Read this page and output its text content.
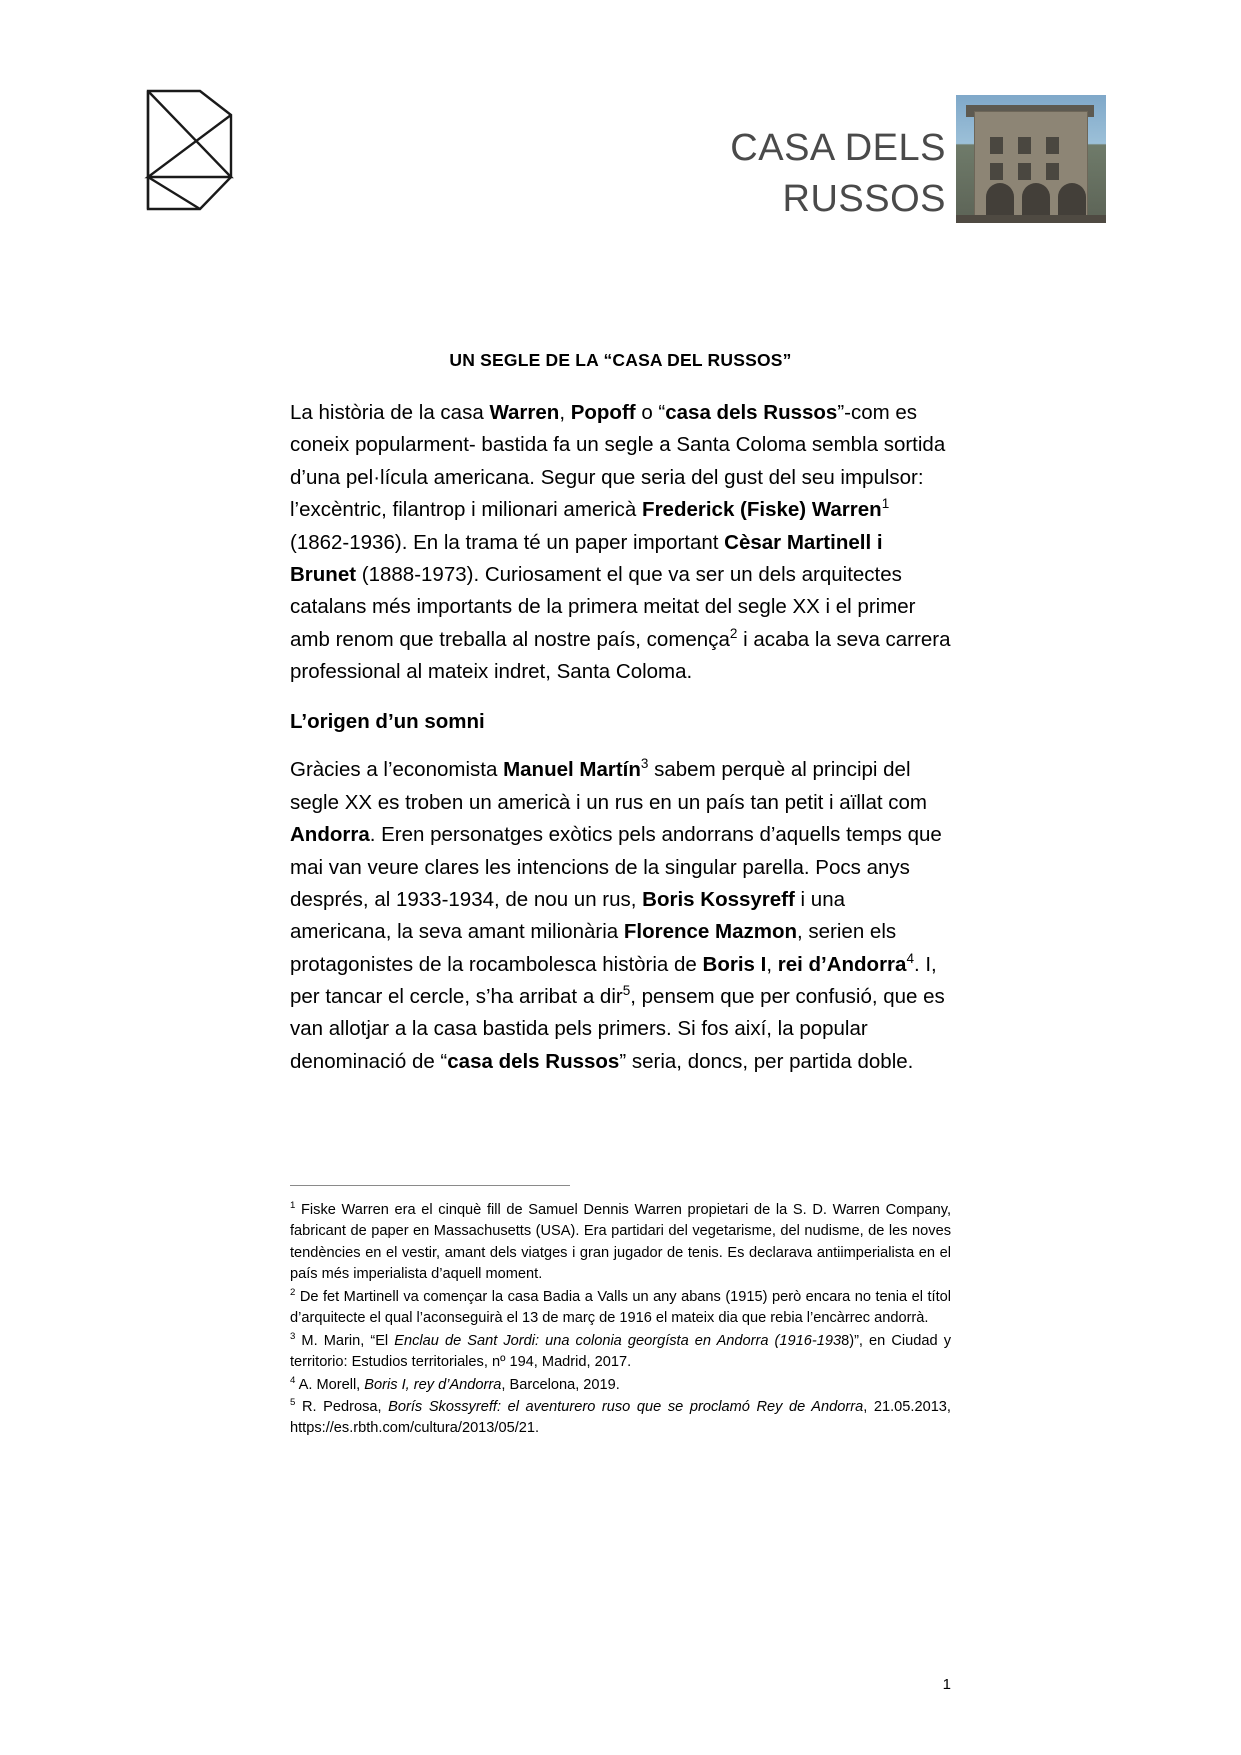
CASA DELS
RUSSOS
UN SEGLE DE LA “CASA DEL RUSSOS”

La història de la casa Warren, Popoff o “casa dels Russos”-com es coneix popularment- bastida fa un segle a Santa Coloma sembla sortida d’una pel·lícula americana. Segur que seria del gust del seu impulsor: l’excèntric, filantrop i milionari americà Frederick (Fiske) Warren$^1$ (1862-1936). En la trama té un paper important Cèsar Martinell i Brunet (1888-1973). Curiosament el que va ser un dels arquitectes catalans més importants de la primera meitat del segle XX i el primer amb renom que treballa al nostre país, comença$^2$ i acaba la seva carrera professional al mateix indret, Santa Coloma.

L’origen d’un somni

Gràcies a l’economista Manuel Martín$^3$ sabem perquè al principi del segle XX es troben un americà i un rus en un país tan petit i aïllat com Andorra. Eren personatges exòtics pels andorrans d’aquells temps que mai van veure clares les intencions de la singular parella. Pocs anys després, al 1933-1934, de nou un rus, Boris Kossyreff i una americana, la seva amant milionària Florence Mazmon, serien els protagonistes de la rocambolesca història de Boris I, rei d’Andorra$^4$. I, per tancar el cercle, s’ha arribat a dir$^5$, pensem que per confusió, que es van allotjar a la casa bastida pels primers. Si fos així, la popular denominació de “casa dels Russos” seria, doncs, per partida doble.

$^1$ Fiske Warren era el cinquè fill de Samuel Dennis Warren propietari de la S. D. Warren Company, fabricant de paper en Massachusetts (USA). Era partidari del vegetarisme, del nudisme, de les noves tendències en el vestir, amant dels viatges i gran jugador de tenis. Es declarava antiimperialista en el país més imperialista d’aquell moment.

$^2$ De fet Martinell va començar la casa Badia a Valls un any abans (1915) però encara no tenia el títol d’arquitecte el qual l’aconseguirà el 13 de març de 1916 el mateix dia que rebia l’encàrrec andorrà.

$^3$ M. Marin, “El Enclau de Sant Jordi: una colonia georgísta en Andorra (1916-1938)”, en Ciudad y territorio: Estudios territoriales, nº 194, Madrid, 2017.

$^4$ A. Morell, Boris I, rey d’Andorra, Barcelona, 2019.

$^5$ R. Pedrosa, Borís Skossyreff: el aventurero ruso que se proclamó Rey de Andorra, 21.05.2013, https://es.rbth.com/cultura/2013/05/21.

1
